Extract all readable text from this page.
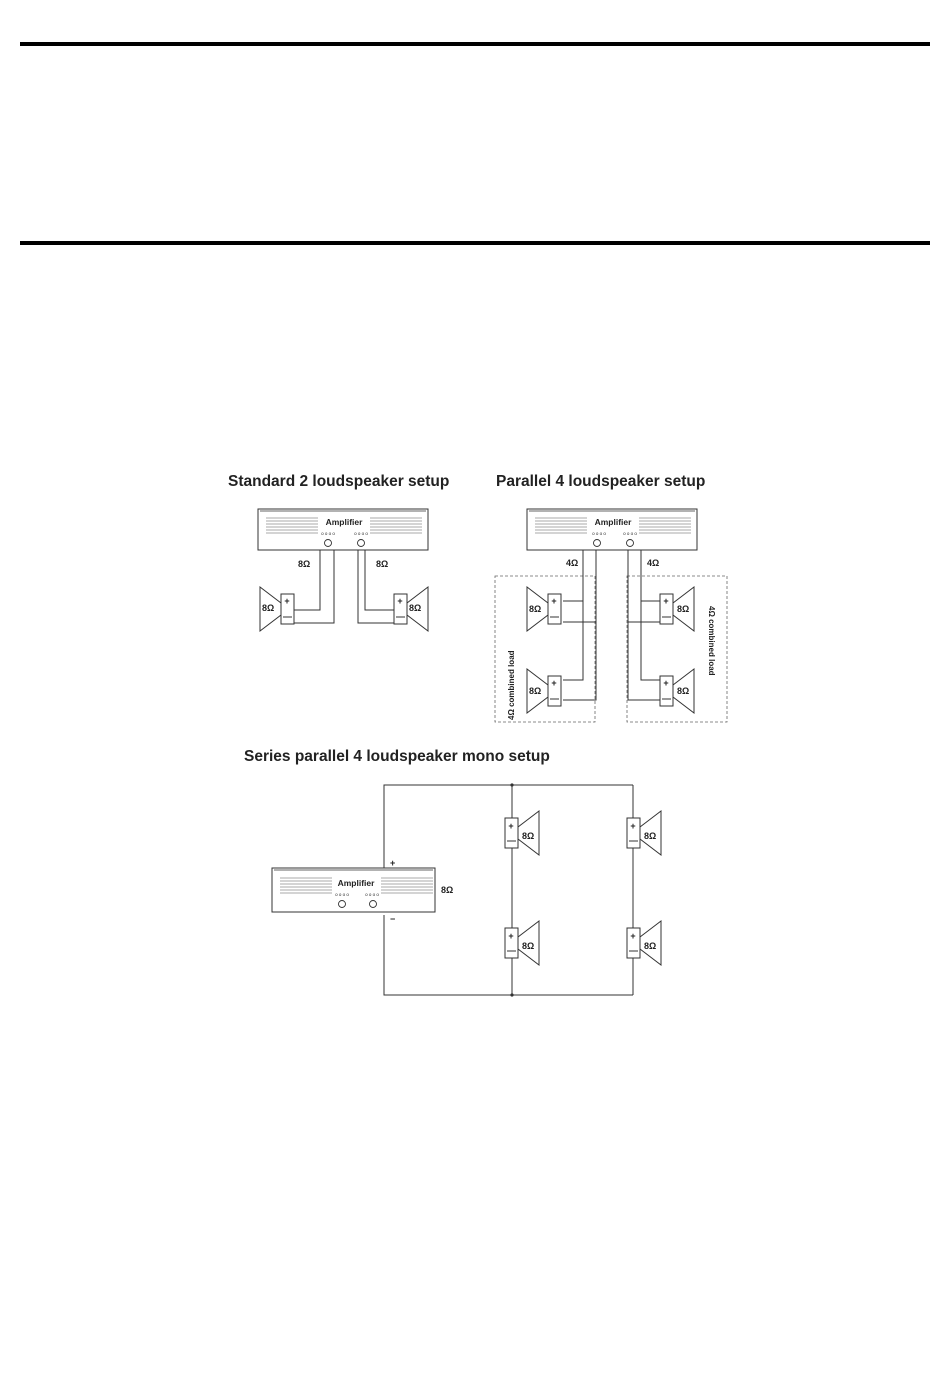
Standard 2 loudspeaker setup	Parallel 4 loudspeaker setup
Series parallel 4 loudspeaker mono setup
Amplifier
o o o o	o o o o
8Ω	8Ω
+
8Ω
+
8Ω
Amplifier
o o o o	o o o o
4Ω	4Ω
+
8Ω
+
8Ω
+
8Ω
+
8Ω
4Ω combined load
4Ω combined load
+
−
8Ω
Amplifier
o o o o	o o o o
+
8Ω
+
8Ω
+
8Ω
+
8Ω
